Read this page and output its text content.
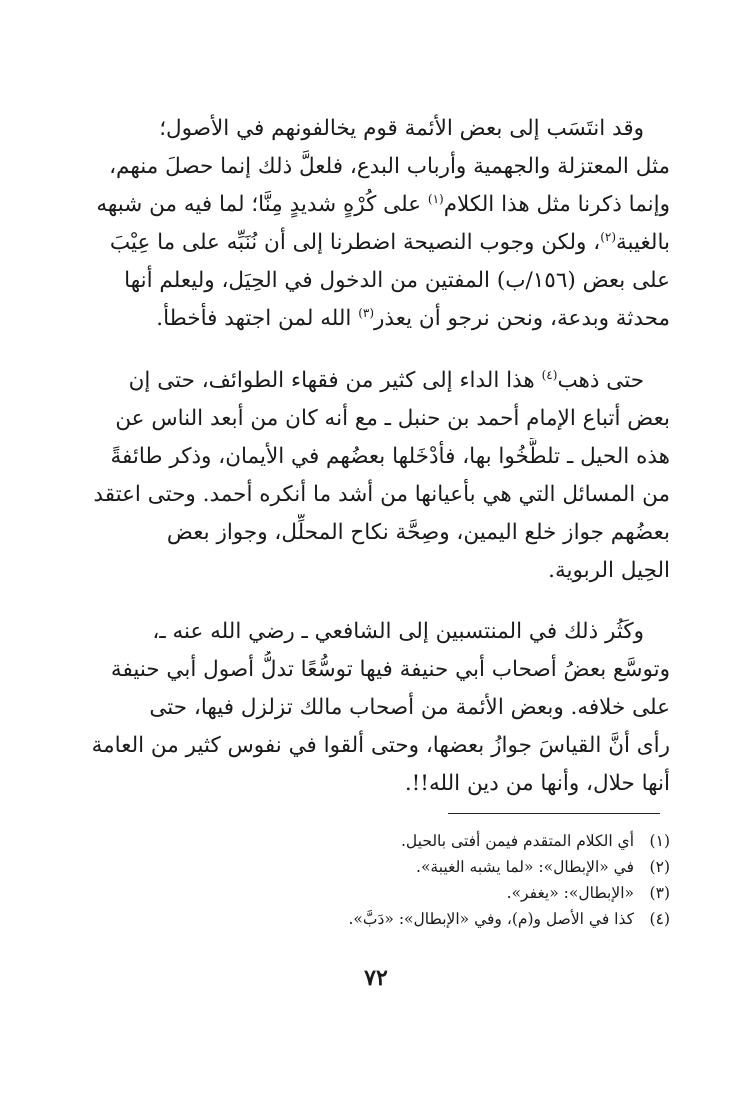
وقد انتَسَب إلى بعض الأئمة قوم يخالفونهم في الأصول؛
مثل المعتزلة والجهمية وأرباب البدع، فلعلَّ ذلك إنما حصلَ منهم،
وإنما ذكرنا مثل هذا الكلام$^{(١)}$ على كُرْهٍ شديدٍ مِنَّا؛ لما فيه من شبهه
بالغيبة$^{(٢)}$، ولكن وجوب النصيحة اضطرنا إلى أن نُنَبِّه على ما عِيْبَ
على بعض (١٥٦/ب) المفتين من الدخول في الحِيَل، وليعلم أنها
محدثة وبدعة، ونحن نرجو أن يعذر$^{(٣)}$ الله لمن اجتهد فأخطأ.
حتى ذهب$^{(٤)}$ هذا الداء إلى كثير من فقهاء الطوائف، حتى إن
بعض أتباع الإمام أحمد بن حنبل ـ مع أنه كان من أبعد الناس عن
هذه الحيل ـ تلطَّخُوا بها، فأدْخَلها بعضُهم في الأيمان، وذكر طائفةً
من المسائل التي هي بأعيانها من أشد ما أنكره أحمد. وحتى اعتقد
بعضُهم جواز خلع اليمين، وصِحَّة نكاح المحلِّل، وجواز بعض
الحِيل الربوية.
وكَثُر ذلك في المنتسبين إلى الشافعي ـ رضي الله عنه ـ،
وتوسَّع بعضُ أصحاب أبي حنيفة فيها توسُّعًا تدلُّ أصول أبي حنيفة
على خلافه. وبعض الأئمة من أصحاب مالك تزلزل فيها، حتى
رأى أنَّ القياسَ جوازُ بعضها، وحتى ألقوا في نفوس كثير من العامة
أنها حلال، وأنها من دين الله!!.
(١)أي الكلام المتقدم فيمن أفتى بالحيل.
(٢)في «الإبطال»: «لما يشبه الغيبة».
(٣)«الإبطال»: «يغفر».
(٤)كذا في الأصل و(م)، وفي «الإبطال»: «دَبَّ».
٧٢
